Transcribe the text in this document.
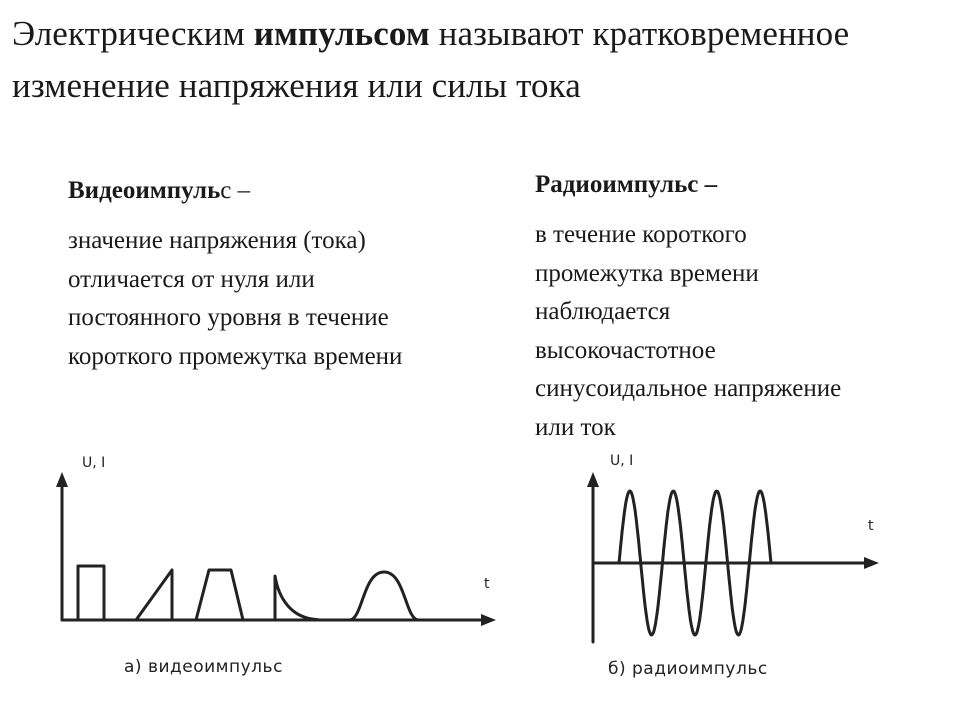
Электрическим импульсом называют кратковременное изменение напряжения или силы тока

Видеоимпульс –

значение напряжения (тока)
отличается от нуля или
постоянного уровня в течение
короткого промежутка времени

Радиоимпульс –

в течение короткого
промежутка времени
наблюдается
высокочастотное
синусоидальное напряжение
или ток

U, I
t
а) видеоимпульс
U, I
t
б) радиоимпульс
